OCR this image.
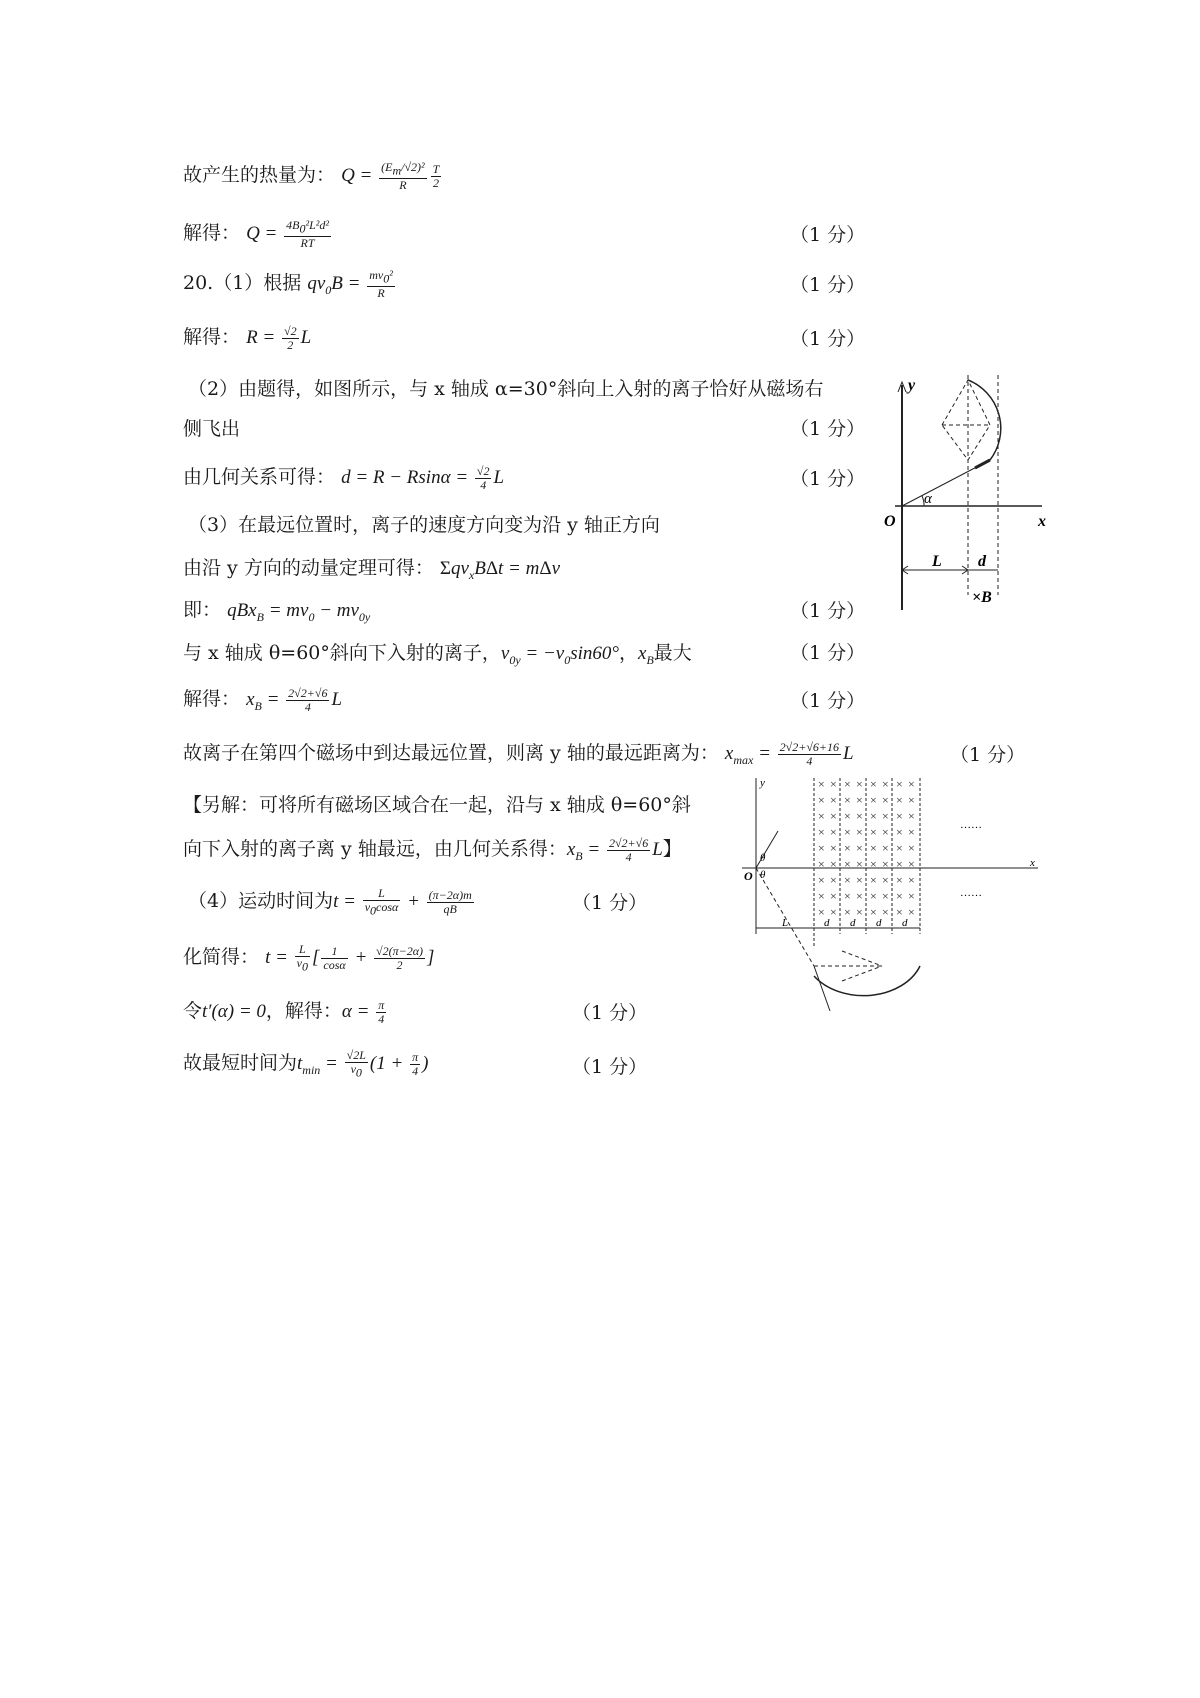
故产生的热量为： $Q = \frac{(E_m/√2)^2}{R} \frac{T}{2}$
解得： $Q = \frac{4B_0^2L^2d^2}{RT}$	（1 分）
20.（1）根据 $qv_0B = \frac{mv_0^2}{R}$	（1 分）
解得： $R = \frac{√2}{2}$ L	（1 分）
（2）由题得，如图所示，与 x 轴成 α=30°斜向上入射的离子恰好从磁场右
侧飞出	（1 分）
由几何关系可得： $d = R - Rsin\alpha = \frac{√2}{4}$ L	（1 分）
（3）在最远位置时，离子的速度方向变为沿 y 轴正方向
由沿 y 方向的动量定理可得： Σqv$_x$BΔt = mΔv
即： $qBx_B = mv_0 - mv_{0y}$	（1 分）
与 x 轴成 θ=60°斜向下入射的离子，$v_{0y} = -v_0\sin 60^\circ$，$x_B$最大	（1 分）
解得： $x_B = \frac{2√2+√6}{4}$ L	（1 分）
故离子在第四个磁场中到达最远位置，则离 y 轴的最远距离为： $x_{max} = \frac{2√2+√6+16}{4}$ L	（1 分）
【另解：可将所有磁场区域合在一起，沿与 x 轴成 θ=60°斜
向下入射的离子离 y 轴最远，由几何关系得：$x_B = \frac{2√2+√6}{4}$ L】
（4）运动时间为$t = \frac{L}{v_0\cos\alpha} + \frac{(\pi-2\alpha)m}{qB}$	（1 分）
化简得： $t = \frac{L}{v_0}$ [ $\frac{1}{\cos\alpha} + \frac{√2(\pi-2\alpha)}{2}$ ]
令t′(α) = 0，解得：$\alpha = \frac{\pi}{4}$	（1 分）
故最短时间为$t_{min} = \frac{√2L}{v_0} (1 + \frac{\pi}{4}$ )	（1 分）
y
x
O
α
L d
×B
× × × × × × × ×
× × × × × × × ×
× × × × × × × ×
× × × × × × × ×
× × × × × × × ×
× × × × × × × ×
× × × × × × × ×
× × × × × × × ×
× × × × × × × ×
y
x
O
θ
θ
L	d d d d
……
……
